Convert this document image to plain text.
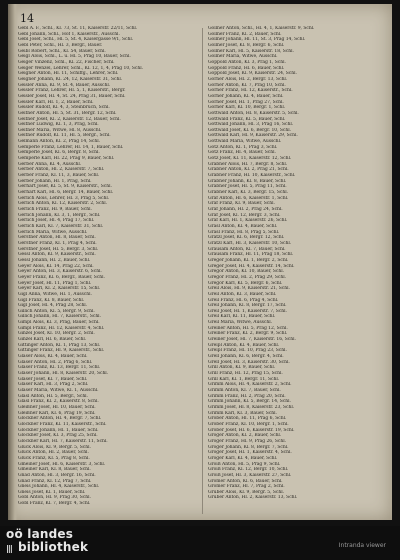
14
Gebl A. F., Schl., Kl. 73, St. 11, Kaiserstr. 22/11, Schl.
Gebl Johann, Schl., Hof 1, Kaiserstr., Ausschl.
Gebl Josef, Schl., Hl. 5, St. 4, Kaisergasse 9/1, Schl.
Gebl Peter, Schl., Hl. 3, Bergr., Bauer.
Geibl Robert, Schl., Kl. 54, Bauer, Schl.
Geigl Alois, Schl., L. u. Hl. 5, Prag 10, Bauer, Schl.
Geiger Vinzenz, Schl., Kl. 22, Fischer, Schl.
Geiger Wenzel, Lehrer, Schl., Kl. 12, 1, 4, Prag 10, Schl.
Geigner Anton, Hl. 11, Schiffg., Lehrer, Schl.
Geigner Johann, Kl. 24, 12, Kaiserstr. 31, Schl.
Geisler Anna, Kl. 9, St. 4, Bauer, Ausschl.
Geisler Franz, Lehrer, Hl. 5, 1, Kaiserstr., Bergr.
Geisler Josef, Hl. 4, St. 24, Prag 31, Bauer, Schl.
Geisler Karl, Hl. 1, 2, Bauer, Schl.
Geisler Rudolf, Kl. 4, 3, Steinbruch, Schl.
Geitner Anton, Hl. 5, St. 31, Bergr. 12, Schl.
Geitner Josef, Kl. 2, Kaiserstr. 12, Bauer, Schl.
Geitner Ludwig, Kl. 1, 3, Prag, Schl.
Geitner Maria, Witwe, Hl. 8, Ausschl.
Geitner Rudolf, Kl. 11, Hl. 5, Bergr., Schl.
Gelmann Anton, Kl. 2, Prag 14, Schl.
Gemperle Franz, Lehrer, Hl. 14, 1, Bauer, Schl.
Gemperle Josef, Kl. 6, Bergr. 8, Schl.
Gemperle Karl, Hl. 22, Prag 9, Bauer, Schl.
Gerber Anna, Kl. 4, Ausschl.
Gerber Anton, Hl. 2, Kaiserstr. 7, Schl.
Gerber Franz, Kl. 11, 3, Bauer, Schl.
Gerber Johann, Hl. 1, Prag, Schl.
Gerhart Josef, Kl. 5, St. 9, Kaiserstr., Schl.
Gerhart Karl, Hl. 6, Bergr. 14, Bauer, Schl.
Gerlich Alois, Lehrer, Hl. 3, Prag 5, Schl.
Gerlich Anton, Kl. 12, Kaiserstr. 2, Schl.
Gerlich Franz, Hl. 9, Bauer, Schl.
Gerlich Johann, Kl. 3, 1, Bergr., Schl.
Gerlich Josef, Hl. 4, Prag 17, Schl.
Gerlich Karl, Kl. 7, Kaiserstr. 31, Schl.
Gerlich Maria, Witwe, Ausschl.
Gerstner Anton, Hl. 8, Bauer, Schl.
Gerstner Franz, Kl. 1, Prag 4, Schl.
Gerstner Josef, Hl. 5, Bergr. 3, Schl.
Gessl Anton, Kl. 9, Kaiserstr., Schl.
Gessl Johann, Hl. 2, Bauer, Schl.
Geyer Alois, Kl. 14, Prag 22, Schl.
Geyer Anton, Hl. 3, Kaiserstr. 6, Schl.
Geyer Franz, Kl. 6, Bergr., Bauer, Schl.
Geyer Josef, Hl. 11, Prag 1, Schl.
Geyer Karl, Kl. 2, Kaiserstr. 15, Schl.
Gigl Anna, Witwe, Hl. 1, Ausschl.
Gigl Franz, Kl. 8, Bauer, Schl.
Gigl Josef, Hl. 4, Prag 28, Schl.
Gillich Anton, Kl. 5, Bergr. 9, Schl.
Gillich Johann, Hl. 7, Kaiserstr., Schl.
Gimpl Alois, Kl. 3, Prag, Bauer, Schl.
Gimpl Franz, Hl. 12, Kaiserstr. 4, Schl.
Ginzel Josef, Kl. 10, Bergr. 2, Schl.
Ginzel Karl, Hl. 6, Bauer, Schl.
Gittinger Anton, Kl. 1, Prag 13, Schl.
Gittinger Franz, Hl. 9, Kaiserstr., Schl.
Glaser Alois, Kl. 4, Bauer, Schl.
Glaser Anton, Hl. 2, Prag 6, Schl.
Glaser Franz, Kl. 13, Bergr. 11, Schl.
Glaser Johann, Hl. 8, Kaiserstr. 20, Schl.
Glaser Josef, Kl. 7, Bauer, Schl.
Glaser Karl, Hl. 3, Prag 2, Schl.
Glaser Maria, Witwe, Kl. 1, Ausschl.
Glasl Anton, Hl. 5, Bergr., Schl.
Glasl Franz, Kl. 2, Kaiserstr. 8, Schl.
Gleißner Josef, Hl. 10, Bauer, Schl.
Gleißner Karl, Kl. 6, Prag 19, Schl.
Glöckner Anton, Hl. 4, Bergr. 7, Schl.
Glöckner Franz, Kl. 11, Kaiserstr., Schl.
Glöckner Johann, Hl. 1, Bauer, Schl.
Glöckner Josef, Kl. 3, Prag 25, Schl.
Glöckner Karl, Hl. 7, Kaiserstr. 11, Schl.
Gluck Alois, Kl. 9, Bergr. 5, Schl.
Gluck Anton, Hl. 2, Bauer, Schl.
Gluck Franz, Kl. 5, Prag 8, Schl.
Gmeiner Josef, Hl. 6, Kaiserstr. 3, Schl.
Gmeiner Karl, Kl. 8, Bauer, Schl.
Gnad Anton, Hl. 3, Bergr. 16, Schl.
Gnad Franz, Kl. 12, Prag 7, Schl.
Gneis Johann, Hl. 4, Kaiserstr., Schl.
Gneis Josef, Kl. 1, Bauer, Schl.
Göbl Anton, Hl. 9, Prag 30, Schl.
Göbl Franz, Kl. 7, Bergr. 4, Schl.
Gollner Anton, Schl., Hl. 4, 1, Kaiserstr. 9, Schl.
Gollner Franz, Kl. 2, Bauer, Schl.
Gollner Johann, Hl. 11, St. 3, Prag 14, Schl.
Gollner Josef, Kl. 8, Bergr. 6, Schl.
Gollner Karl, Hl. 5, Kaiserstr. 18, Schl.
Gollner Maria, Witwe, Ausschl.
Goppold Anton, Kl. 3, Prag 1, Schl.
Goppold Franz, Hl. 6, Bauer, Schl.
Goppold Josef, Kl. 9, Kaiserstr. 24, Schl.
Görner Alois, Hl. 2, Bergr. 13, Schl.
Görner Anton, Kl. 7, Prag 10, Schl.
Görner Franz, Hl. 12, Kaiserstr., Schl.
Görner Johann, Kl. 4, Bauer, Schl.
Görner Josef, Hl. 1, Prag 27, Schl.
Görner Karl, Kl. 10, Bergr. 1, Schl.
Gottwald Anton, Hl. 8, Kaiserstr. 5, Schl.
Gottwald Franz, Kl. 5, Bauer, Schl.
Gottwald Johann, Hl. 3, Prag 16, Schl.
Gottwald Josef, Kl. 6, Bergr. 10, Schl.
Gottwald Karl, Hl. 9, Kaiserstr. 29, Schl.
Gottwald Maria, Witwe, Ausschl.
Götz Anton, Kl. 1, Prag 3, Schl.
Götz Franz, Hl. 4, Bauer, Schl.
Götz Josef, Kl. 11, Kaiserstr. 12, Schl.
Grabner Alois, Hl. 7, Bergr. 8, Schl.
Grabner Anton, Kl. 2, Prag 21, Schl.
Grabner Franz, Hl. 10, Kaiserstr., Schl.
Grabner Johann, Kl. 8, Bauer, Schl.
Grabner Josef, Hl. 5, Prag 11, Schl.
Grabner Karl, Kl. 3, Bergr. 15, Schl.
Graf Anton, Hl. 6, Kaiserstr. 1, Schl.
Graf Franz, Kl. 9, Bauer, Schl.
Graf Johann, Hl. 2, Prag 24, Schl.
Graf Josef, Kl. 12, Bergr. 3, Schl.
Graf Karl, Hl. 1, Kaiserstr. 26, Schl.
Grasl Anton, Kl. 4, Bauer, Schl.
Grasl Franz, Hl. 8, Prag 5, Schl.
Gratzl Josef, Kl. 6, Bergr. 12, Schl.
Gratzl Karl, Hl. 3, Kaiserstr. 10, Schl.
Grausam Anton, Kl. 7, Bauer, Schl.
Grausam Franz, Hl. 11, Prag 18, Schl.
Greger Johann, Kl. 1, Bergr. 2, Schl.
Greger Josef, Hl. 4, Kaiserstr. 14, Schl.
Gregor Anton, Kl. 10, Bauer, Schl.
Gregor Franz, Hl. 2, Prag 29, Schl.
Gregor Karl, Kl. 5, Bergr. 6, Schl.
Greil Alois, Hl. 9, Kaiserstr. 21, Schl.
Greil Anton, Kl. 3, Bauer, Schl.
Greil Franz, Hl. 6, Prag 4, Schl.
Greil Johann, Kl. 8, Bergr. 17, Schl.
Greil Josef, Hl. 1, Kaiserstr. 7, Schl.
Greil Karl, Kl. 11, Bauer, Schl.
Greil Maria, Witwe, Ausschl.
Greiner Anton, Hl. 5, Prag 12, Schl.
Greiner Franz, Kl. 2, Bergr. 9, Schl.
Greiner Josef, Hl. 7, Kaiserstr. 16, Schl.
Greipl Anton, Kl. 4, Bauer, Schl.
Greipl Franz, Hl. 10, Prag 23, Schl.
Grell Johann, Kl. 6, Bergr. 4, Schl.
Grell Josef, Hl. 3, Kaiserstr. 30, Schl.
Grill Anton, Kl. 9, Bauer, Schl.
Grill Franz, Hl. 12, Prag 15, Schl.
Grill Karl, Kl. 1, Bergr. 11, Schl.
Grimm Alois, Hl. 4, Kaiserstr. 2, Schl.
Grimm Anton, Kl. 7, Bauer, Schl.
Grimm Franz, Hl. 2, Prag 20, Schl.
Grimm Johann, Kl. 5, Bergr. 14, Schl.
Grimm Josef, Hl. 8, Kaiserstr. 23, Schl.
Grimm Karl, Kl. 3, Bauer, Schl.
Grober Anton, Hl. 11, Prag 6, Schl.
Grober Franz, Kl. 10, Bergr. 1, Schl.
Grober Josef, Hl. 6, Kaiserstr. 19, Schl.
Gröger Anton, Kl. 2, Bauer, Schl.
Gröger Franz, Hl. 9, Prag 26, Schl.
Gröger Johann, Kl. 8, Bergr. 7, Schl.
Gröger Josef, Hl. 1, Kaiserstr. 4, Schl.
Gröger Karl, Kl. 4, Bauer, Schl.
Groiß Anton, Hl. 5, Prag 9, Schl.
Groiß Franz, Kl. 12, Bergr. 10, Schl.
Groiß Josef, Hl. 3, Kaiserstr. 27, Schl.
Gromer Anton, Kl. 6, Bauer, Schl.
Gromer Franz, Hl. 7, Prag 2, Schl.
Gruber Alois, Kl. 9, Bergr. 5, Schl.
Gruber Anton, Hl. 2, Kaiserstr. 13, Schl.
oö landes
||| bibliothek	Intranda viewer
